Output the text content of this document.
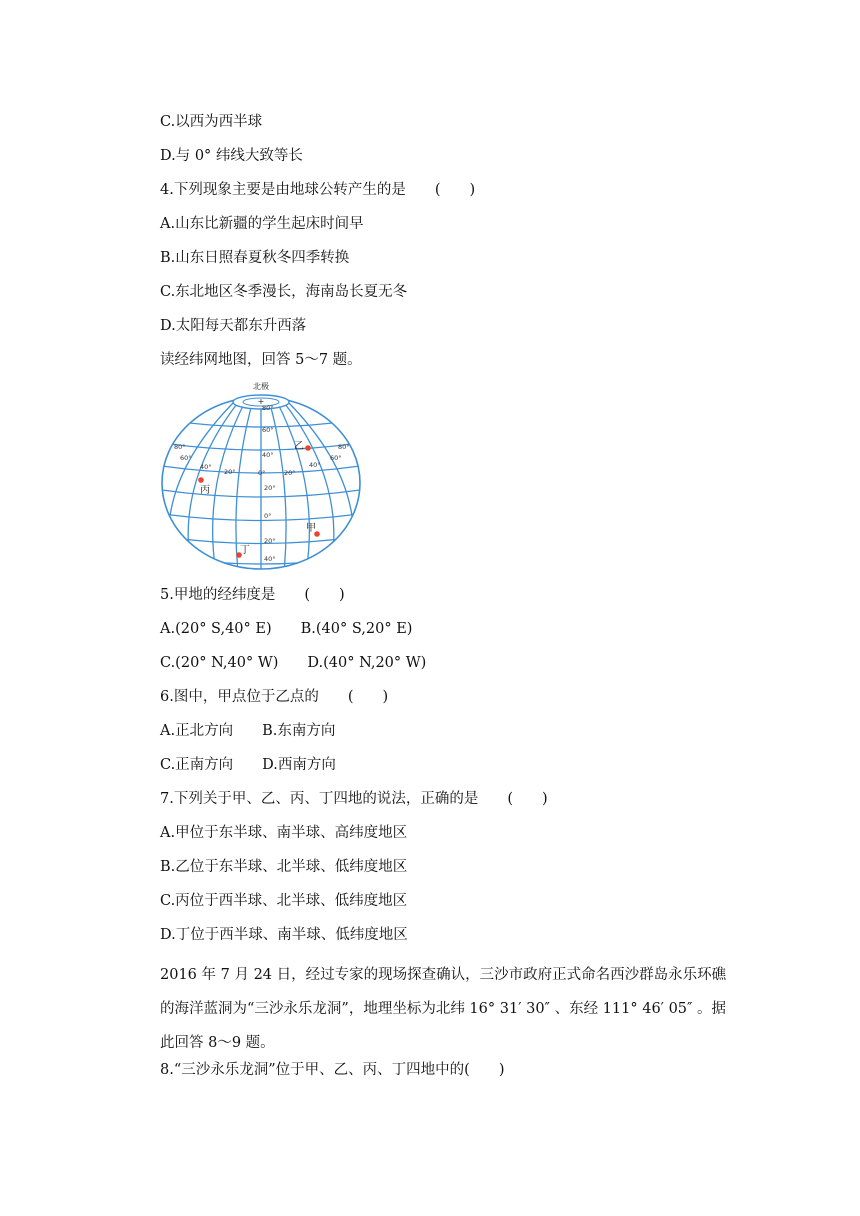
C.以西为西半球
D.与 0° 纬线大致等长
4.下列现象主要是由地球公转产生的是　　(　　)
A.山东比新疆的学生起床时间早
B.山东日照春夏秋冬四季转换
C.东北地区冬季漫长，海南岛长夏无冬
D.太阳每天都东升西落
读经纬网地图，回答 5～7 题。
北极
+
80°
60°
40°
20°
0°
20°
40°
80°
60°
40°
20°	0°	20°
40°
60°
80°
乙
丙
甲
丁
5.甲地的经纬度是　　(　　)
A.(20° S,40° E)　　B.(40° S,20° E)
C.(20° N,40° W)　　D.(40° N,20° W)
6.图中，甲点位于乙点的　　(　　)
A.正北方向　　B.东南方向
C.正南方向　　D.西南方向
7.下列关于甲、乙、丙、丁四地的说法，正确的是　　(　　)
A.甲位于东半球、南半球、高纬度地区
B.乙位于东半球、北半球、低纬度地区
C.丙位于西半球、北半球、低纬度地区
D.丁位于西半球、南半球、低纬度地区
2016 年 7 月 24 日，经过专家的现场探查确认，三沙市政府正式命名西沙群岛永乐环礁的海洋蓝洞为“三沙永乐龙洞”，地理坐标为北纬 16° 31′ 30″ 、东经 111° 46′ 05″ 。据此回答 8～9 题。
8.“三沙永乐龙洞”位于甲、乙、丙、丁四地中的(　　)
